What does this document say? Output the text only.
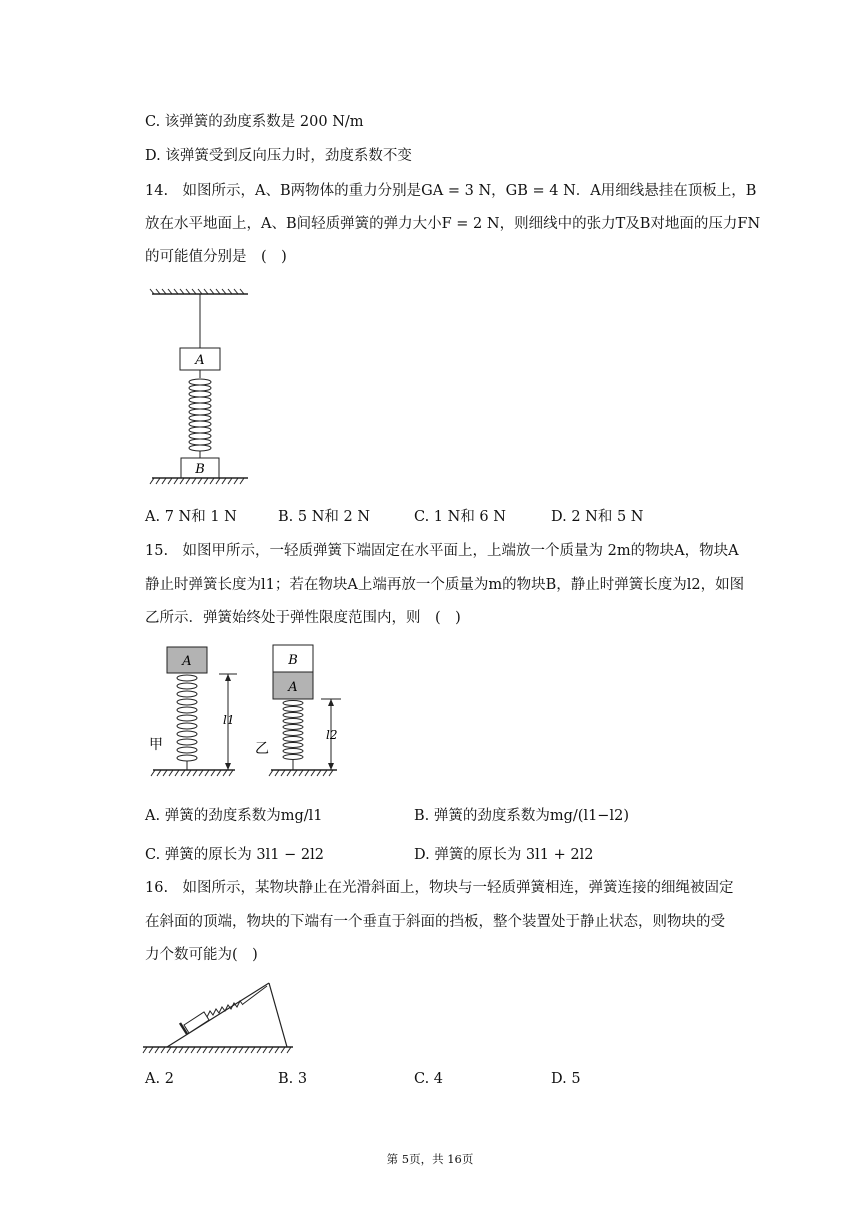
C. 该弹簧的劲度系数是 200 N/m
D. 该弹簧受到反向压力时，劲度系数不变
14.　如图所示，A、B两物体的重力分别是GA = 3 N，GB = 4 N．A用细线悬挂在顶板上，B
放在水平地面上，A、B间轻质弹簧的弹力大小F = 2 N，则细线中的张力T及B对地面的压力FN
的可能值分别是　(　)
A
B
A. 7 N和 1 N	B. 5 N和 2 N	C. 1 N和 6 N	D. 2 N和 5 N
15.　如图甲所示，一轻质弹簧下端固定在水平面上，上端放一个质量为 2m的物块A，物块A
静止时弹簧长度为l1；若在物块A上端再放一个质量为m的物块B，静止时弹簧长度为l2，如图
乙所示．弹簧始终处于弹性限度范围内，则　(　)
A
l1
甲
B
A
l2
乙
A. 弹簧的劲度系数为mg/l1	B. 弹簧的劲度系数为mg/(l1−l2)
C. 弹簧的原长为 3l1 − 2l2	D. 弹簧的原长为 3l1 + 2l2
16.　如图所示，某物块静止在光滑斜面上，物块与一轻质弹簧相连，弹簧连接的细绳被固定
在斜面的顶端，物块的下端有一个垂直于斜面的挡板，整个装置处于静止状态，则物块的受
力个数可能为(　)
A. 2	B. 3	C. 4	D. 5
第 5页，共 16页
